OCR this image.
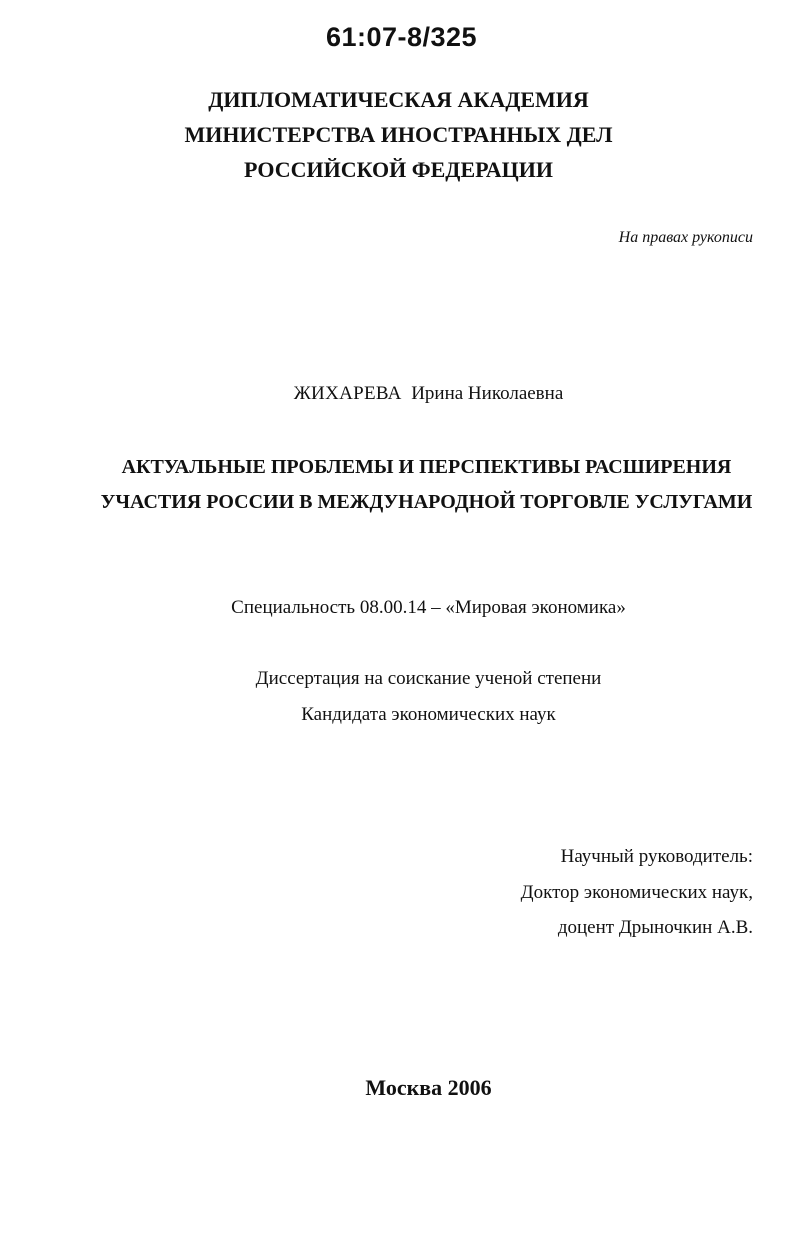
61:07-8/325
ДИПЛОМАТИЧЕСКАЯ АКАДЕМИЯ
МИНИСТЕРСТВА ИНОСТРАННЫХ ДЕЛ
РОССИЙСКОЙ ФЕДЕРАЦИИ
На правах рукописи
ЖИХАРЕВА Ирина Николаевна
АКТУАЛЬНЫЕ ПРОБЛЕМЫ И ПЕРСПЕКТИВЫ РАСШИРЕНИЯ
УЧАСТИЯ РОССИИ В МЕЖДУНАРОДНОЙ ТОРГОВЛЕ УСЛУГАМИ
Специальность 08.00.14 – «Мировая экономика»
Диссертация на соискание ученой степени
Кандидата экономических наук
Научный руководитель:
Доктор экономических наук,
доцент Дрыночкин А.В.
Москва 2006
